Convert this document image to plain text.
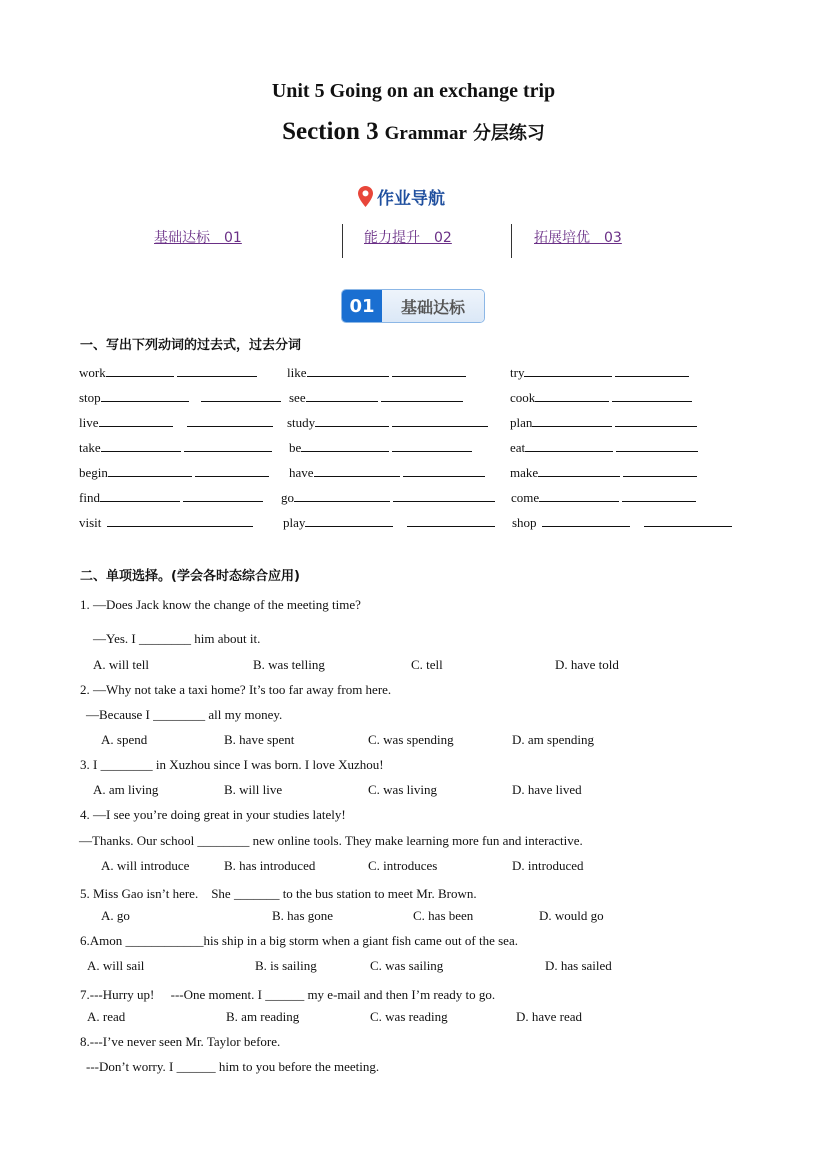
Unit 5 Going on an exchange trip
Section 3 Grammar 分层练习
作业导航
基础达标　01	能力提升　02	拓展培优　03
01	基础达标
一、写出下列动词的过去式，过去分词
work	like	try
stop	see	cook
live	study	plan
take	be	eat
begin	have	make
find	go	come
visit	play	shop
二、单项选择。(学会各时态综合应用)
1. —Does Jack know the change of the meeting time?
—Yes. I ________ him about it.
A. will tell	B. was telling	C. tell	D. have told
2. —Why not take a taxi home? It’s too far away from here.
—Because I ________ all my money.
A. spend	B. have spent	C. was spending	D. am spending
3. I ________ in Xuzhou since I was born. I love Xuzhou!
A. am living	B. will live	C. was living	D. have lived
4. —I see you’re doing great in your studies lately!
—Thanks. Our school ________ new online tools. They make learning more fun and interactive.
A. will introduce	B. has introduced	C. introduces	D. introduced
5. Miss Gao isn’t here.　She _______ to the bus station to meet Mr. Brown.
A. go	B. has gone	C. has been	D. would go
6.Amon ____________his ship in a big storm when a giant fish came out of the sea.
A. will sail	B. is sailing	C. was sailing	D. has sailed
7.---Hurry up!　 ---One moment. I ______ my e-mail and then I’m ready to go.
A. read	B. am reading	C. was reading	D. have read
8.---I’ve never seen Mr. Taylor before.
---Don’t worry. I ______ him to you before the meeting.
